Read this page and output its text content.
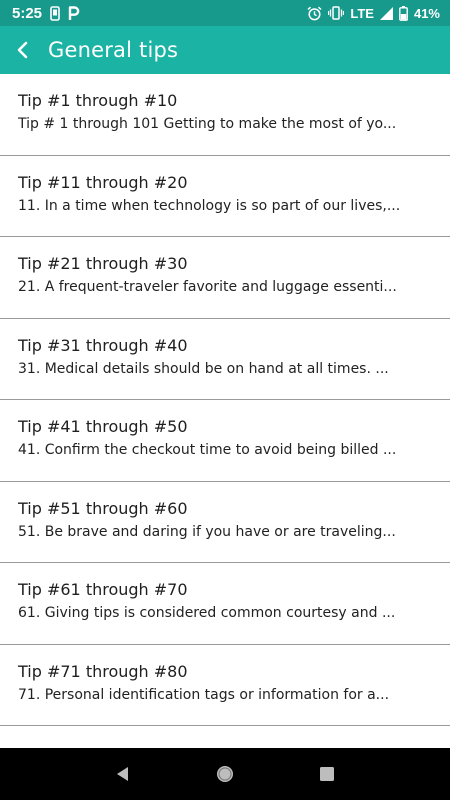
5:25	LTE	41%
General tips
Tip #1 through #10
Tip # 1 through 101 Getting to make the most of yo...
Tip #11 through #20
11. In a time when technology is so part of our lives,...
Tip #21 through #30
21. A frequent-traveler favorite and luggage essenti...
Tip #31 through #40
31. Medical details should be on hand at all times. ...
Tip #41 through #50
41. Confirm the checkout time to avoid being billed ...
Tip #51 through #60
51. Be brave and daring if you have or are traveling...
Tip #61 through #70
61. Giving tips is considered common courtesy and ...
Tip #71 through #80
71. Personal identification tags or information for a...
